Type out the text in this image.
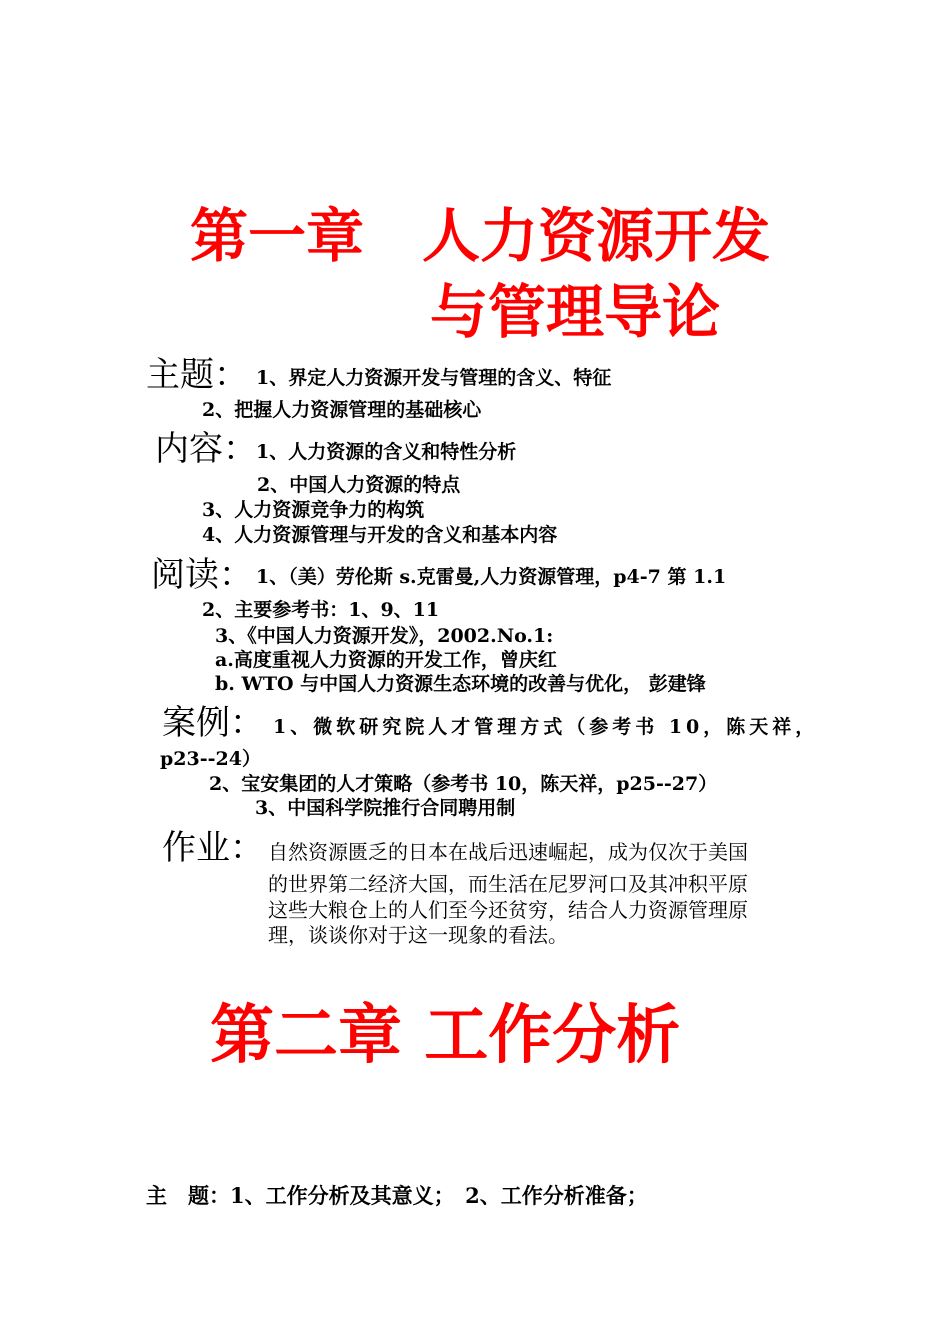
第一章　人力资源开发
与管理导论
主题： 1、界定人力资源开发与管理的含义、特征
2、把握人力资源管理的基础核心
内容： 1、人力资源的含义和特性分析
2、中国人力资源的特点
3、人力资源竞争力的构筑
4、人力资源管理与开发的含义和基本内容
阅读： 1、（美）劳伦斯 s.克雷曼,人力资源管理，p4-7 第 1.1
2、主要参考书：1、9、11
3、《中国人力资源开发》，2002.No.1:
a.高度重视人力资源的开发工作，曾庆红
b. WTO 与中国人力资源生态环境的改善与优化， 彭建锋
案例： 1、微软研究院人才管理方式（参考书 10，陈天祥，
p23--24）
2、宝安集团的人才策略（参考书 10，陈天祥，p25--27）
3、中国科学院推行合同聘用制
作业： 自然资源匮乏的日本在战后迅速崛起，成为仅次于美国
的世界第二经济大国，而生活在尼罗河口及其冲积平原
这些大粮仓上的人们至今还贫穷，结合人力资源管理原
理，谈谈你对于这一现象的看法。
第二章 工作分析
主　题：1、工作分析及其意义；　2、工作分析准备；
